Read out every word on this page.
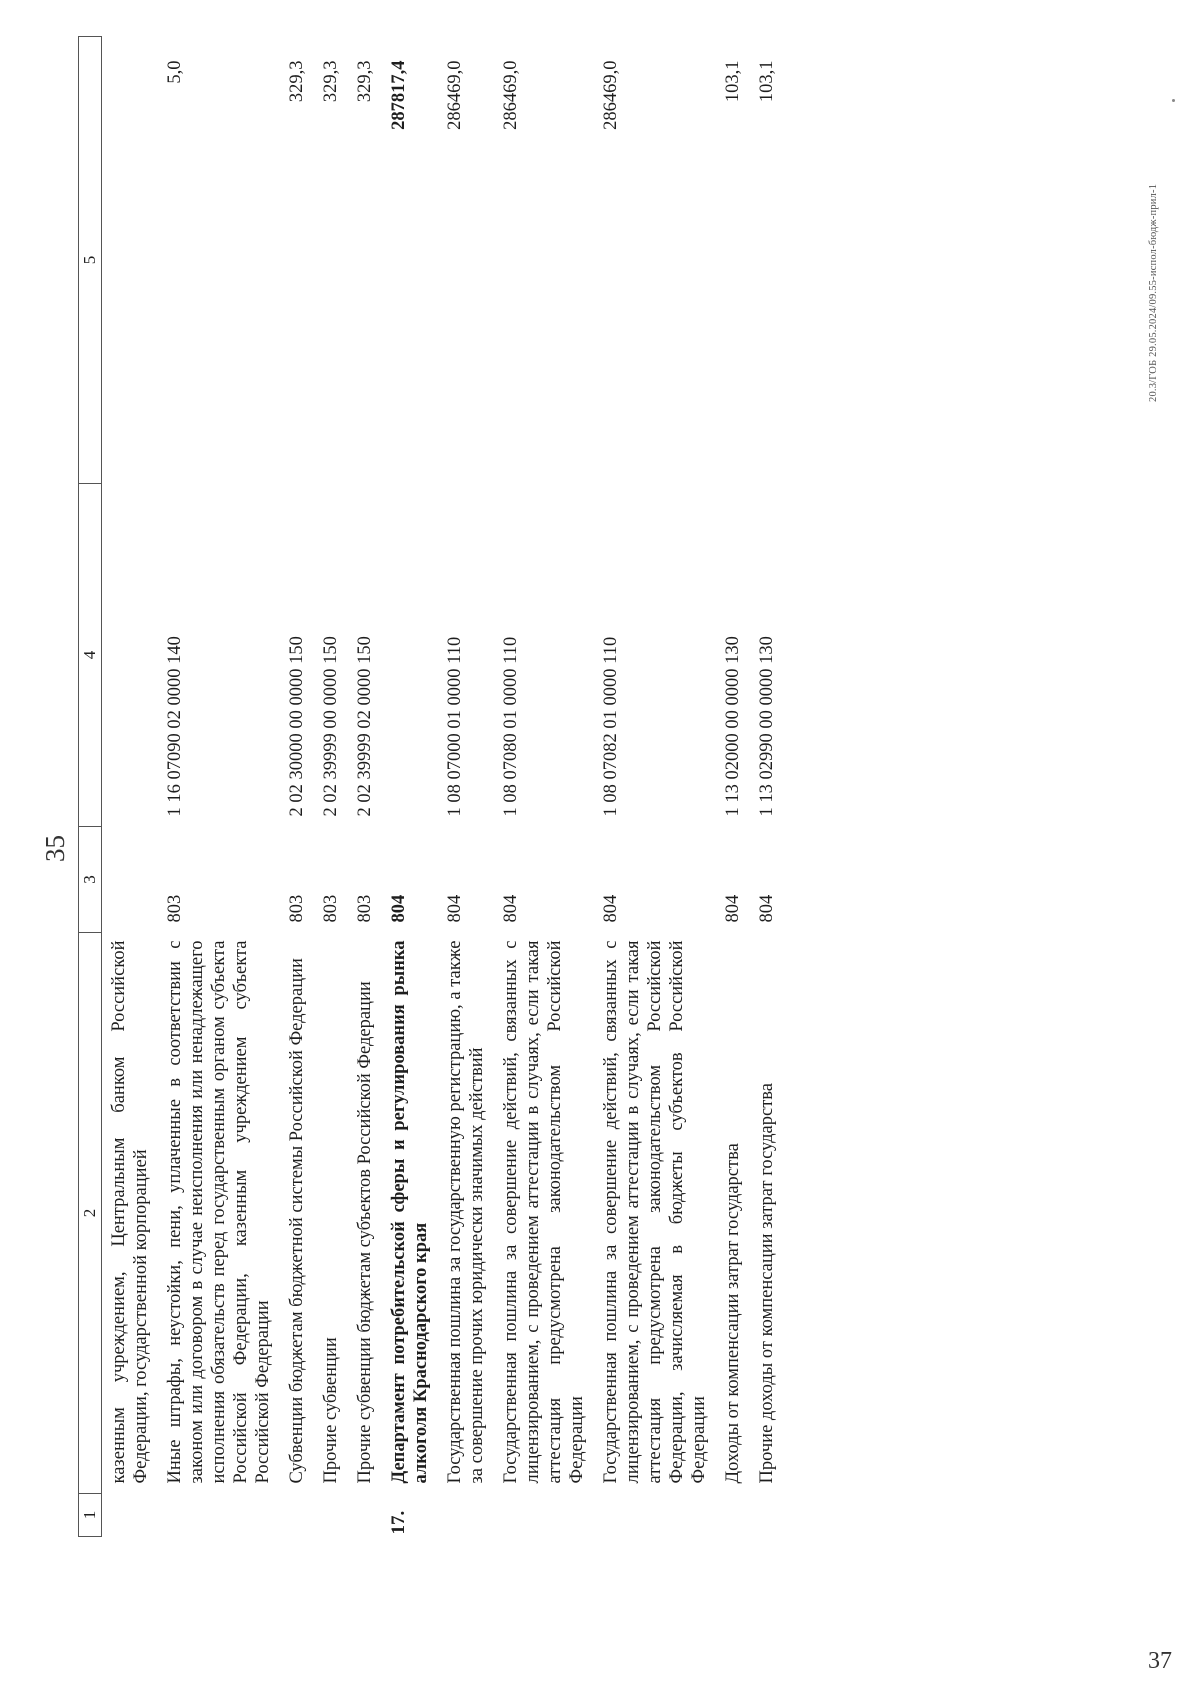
35
1	2	3	4	5
	казенным учреждением, Центральным банком Российской Федерации, государственной корпорацией			
	Иные штрафы, неустойки, пени, уплаченные в соответствии с законом или договором в случае неисполнения или ненадлежащего исполнения обязательств перед государственным органом субъекта Российской Федерации, казенным учреждением субъекта Российской Федерации	803	1 16 07090 02 0000 140	5,0
	Субвенции бюджетам бюджетной системы Российской Федерации	803	2 02 30000 00 0000 150	329,3
	Прочие субвенции	803	2 02 39999 00 0000 150	329,3
	Прочие субвенции бюджетам субъектов Российской Федерации	803	2 02 39999 02 0000 150	329,3
17.	Департамент потребительской сферы и регулирования рынка алкоголя Краснодарского края	804		287817,4
	Государственная пошлина за государственную регистрацию, а также за совершение прочих юридически значимых действий	804	1 08 07000 01 0000 110	286469,0
	Государственная пошлина за совершение действий, связанных с лицензированием, с проведением аттестации в случаях, если такая аттестация предусмотрена законодательством Российской Федерации	804	1 08 07080 01 0000 110	286469,0
	Государственная пошлина за совершение действий, связанных с лицензированием, с проведением аттестации в случаях, если такая аттестация предусмотрена законодательством Российской Федерации, зачисляемая в бюджеты субъектов Российской Федерации	804	1 08 07082 01 0000 110	286469,0
	Доходы от компенсации затрат государства	804	1 13 02000 00 0000 130	103,1
	Прочие доходы от компенсации затрат государства	804	1 13 02990 00 0000 130	103,1
20.3/ГОБ 29.05.2024/09.55-испол-бюдж-прил-1
37
